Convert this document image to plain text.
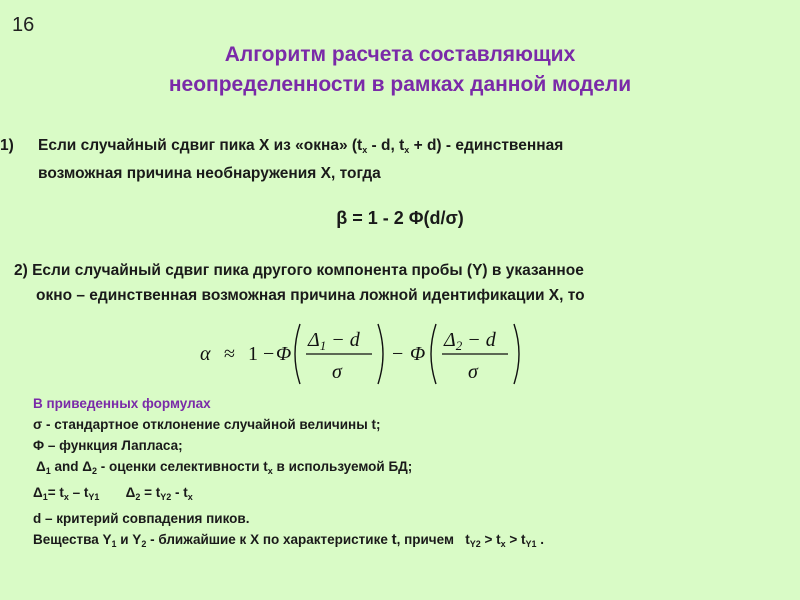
16
Алгоритм расчета составляющих
неопределенности в рамках данной модели
1) Если случайный сдвиг пика X из «окна» ($t_x$ - d, $t_x + d$) - единственная
возможная причина необнаружения X, тогда
β = 1 - 2 Φ(d/σ)
2) Если случайный сдвиг пика другого компонента пробы (Y) в указанное
окно – единственная возможная причина ложной идентификации X, то
α ≈ 1 − Φ
$\Delta_1 - d$
σ
− Φ
$\Delta_2 - d$
σ
В приведенных формулах
σ - стандартное отклонение случайной величины t;
Φ – функция Лапласа;
$\Delta_1$ and $\Delta_2$ - оценки селективности $t_x$ в используемой БД;
$\Delta_1= t_x - t_{Y1}$       $\Delta_2 = t_{Y2} - t_x$
d – критерий совпадения пиков.
Вещества $Y_1$ и $Y_2$ - ближайшие к X по характеристике t, причем   $t_{Y2} > t_x > t_{Y1}$ .
